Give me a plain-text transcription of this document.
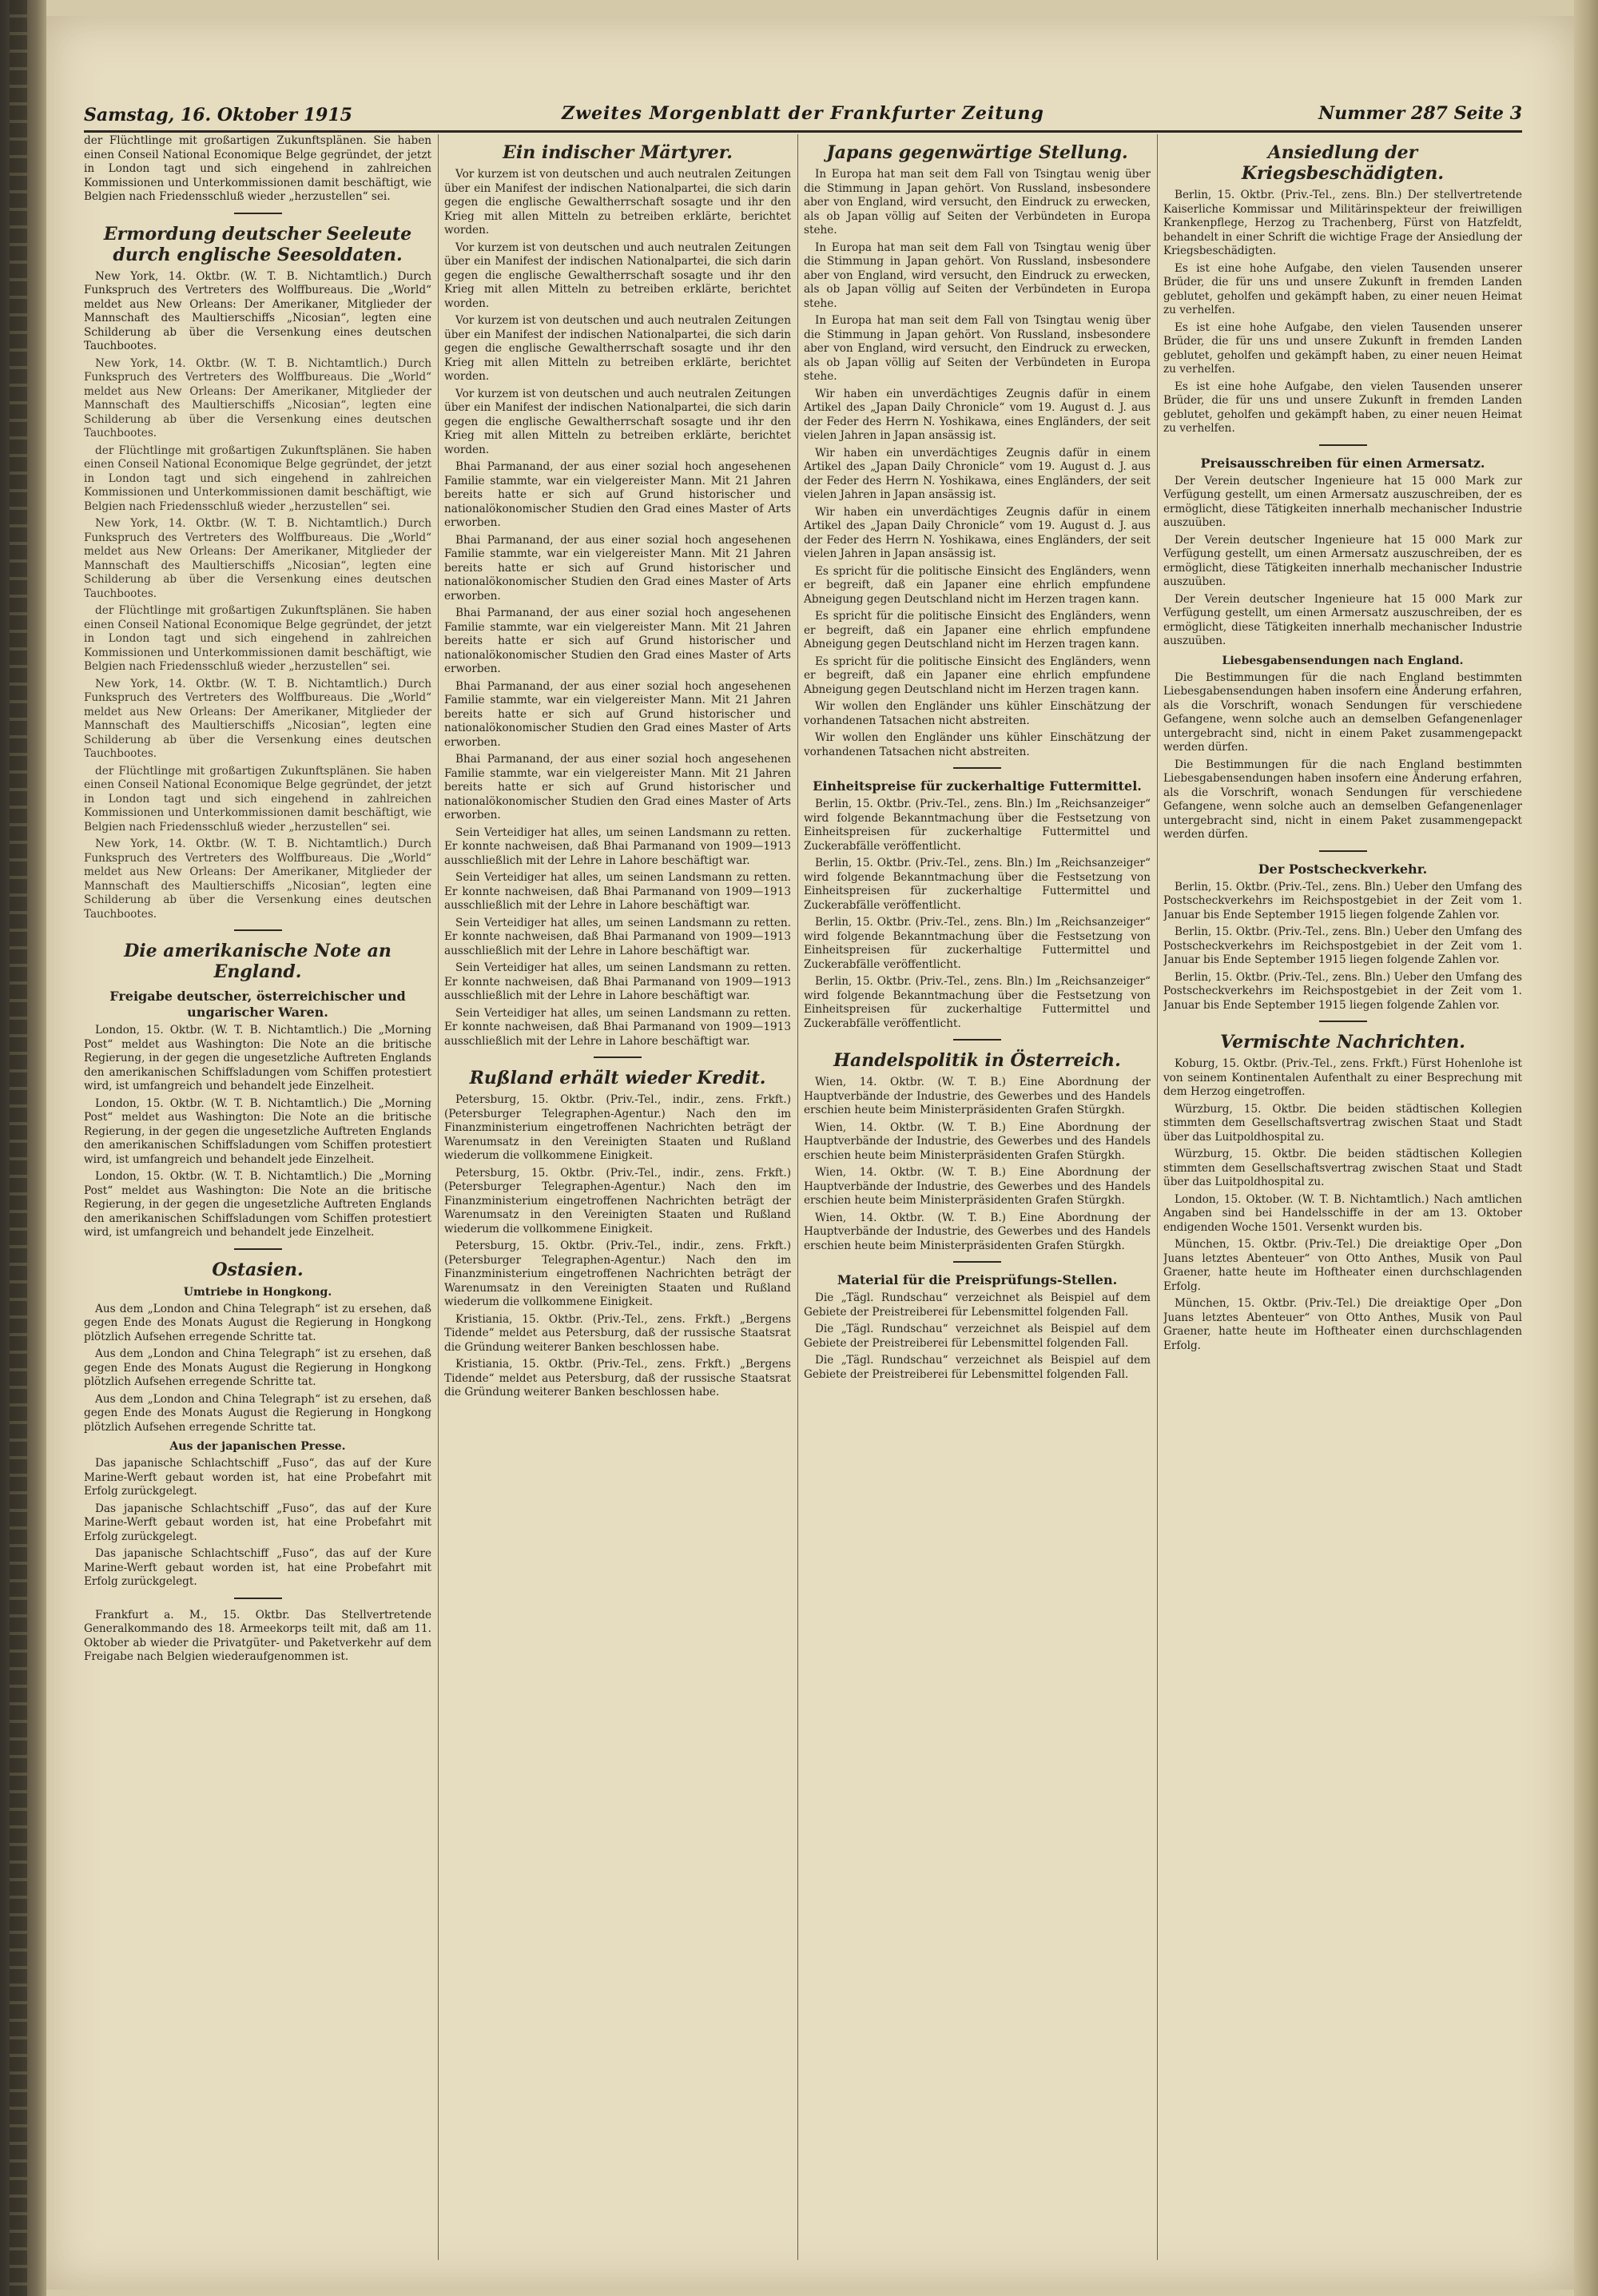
Samstag, 16. Oktober 1915	Zweites Morgenblatt der Frankfurter Zeitung	Nummer 287 Seite 3

der Flüchtlinge mit großartigen Zukunftsplänen. Sie haben einen Conseil National Economique Belge gegründet, der jetzt in London tagt und sich eingehend in zahlreichen Kommissionen und Unterkommissionen damit beschäftigt, wie Belgien nach Friedensschluß wieder „herzustellen“ sei.

Ermordung deutscher Seeleute durch englische Seesoldaten.

New York, 14. Oktbr. (W. T. B. Nichtamtlich.) Durch Funkspruch des Vertreters des Wolffbureaus. Die „World“ meldet aus New Orleans: Der Amerikaner, Mitglieder der Mannschaft des Maultierschiffs „Nicosian“, legten eine Schilderung ab über die Versenkung eines deutschen Tauchbootes.

New York, 14. Oktbr. (W. T. B. Nichtamtlich.) Durch Funkspruch des Vertreters des Wolffbureaus. Die „World“ meldet aus New Orleans: Der Amerikaner, Mitglieder der Mannschaft des Maultierschiffs „Nicosian“, legten eine Schilderung ab über die Versenkung eines deutschen Tauchbootes.

der Flüchtlinge mit großartigen Zukunftsplänen. Sie haben einen Conseil National Economique Belge gegründet, der jetzt in London tagt und sich eingehend in zahlreichen Kommissionen und Unterkommissionen damit beschäftigt, wie Belgien nach Friedensschluß wieder „herzustellen“ sei.

New York, 14. Oktbr. (W. T. B. Nichtamtlich.) Durch Funkspruch des Vertreters des Wolffbureaus. Die „World“ meldet aus New Orleans: Der Amerikaner, Mitglieder der Mannschaft des Maultierschiffs „Nicosian“, legten eine Schilderung ab über die Versenkung eines deutschen Tauchbootes.

der Flüchtlinge mit großartigen Zukunftsplänen. Sie haben einen Conseil National Economique Belge gegründet, der jetzt in London tagt und sich eingehend in zahlreichen Kommissionen und Unterkommissionen damit beschäftigt, wie Belgien nach Friedensschluß wieder „herzustellen“ sei.

New York, 14. Oktbr. (W. T. B. Nichtamtlich.) Durch Funkspruch des Vertreters des Wolffbureaus. Die „World“ meldet aus New Orleans: Der Amerikaner, Mitglieder der Mannschaft des Maultierschiffs „Nicosian“, legten eine Schilderung ab über die Versenkung eines deutschen Tauchbootes.

der Flüchtlinge mit großartigen Zukunftsplänen. Sie haben einen Conseil National Economique Belge gegründet, der jetzt in London tagt und sich eingehend in zahlreichen Kommissionen und Unterkommissionen damit beschäftigt, wie Belgien nach Friedensschluß wieder „herzustellen“ sei.

New York, 14. Oktbr. (W. T. B. Nichtamtlich.) Durch Funkspruch des Vertreters des Wolffbureaus. Die „World“ meldet aus New Orleans: Der Amerikaner, Mitglieder der Mannschaft des Maultierschiffs „Nicosian“, legten eine Schilderung ab über die Versenkung eines deutschen Tauchbootes.

Die amerikanische Note an England.
Freigabe deutscher, österreichischer und ungarischer Waren.

London, 15. Oktbr. (W. T. B. Nichtamtlich.) Die „Morning Post“ meldet aus Washington: Die Note an die britische Regierung, in der gegen die ungesetzliche Auftreten Englands den amerikanischen Schiffsladungen vom Schiffen protestiert wird, ist umfangreich und behandelt jede Einzelheit.

London, 15. Oktbr. (W. T. B. Nichtamtlich.) Die „Morning Post“ meldet aus Washington: Die Note an die britische Regierung, in der gegen die ungesetzliche Auftreten Englands den amerikanischen Schiffsladungen vom Schiffen protestiert wird, ist umfangreich und behandelt jede Einzelheit.

London, 15. Oktbr. (W. T. B. Nichtamtlich.) Die „Morning Post“ meldet aus Washington: Die Note an die britische Regierung, in der gegen die ungesetzliche Auftreten Englands den amerikanischen Schiffsladungen vom Schiffen protestiert wird, ist umfangreich und behandelt jede Einzelheit.

Ostasien.
Umtriebe in Hongkong.

Aus dem „London and China Telegraph“ ist zu ersehen, daß gegen Ende des Monats August die Regierung in Hongkong plötzlich Aufsehen erregende Schritte tat.

Aus dem „London and China Telegraph“ ist zu ersehen, daß gegen Ende des Monats August die Regierung in Hongkong plötzlich Aufsehen erregende Schritte tat.

Aus dem „London and China Telegraph“ ist zu ersehen, daß gegen Ende des Monats August die Regierung in Hongkong plötzlich Aufsehen erregende Schritte tat.

Aus der japanischen Presse.

Das japanische Schlachtschiff „Fuso“, das auf der Kure Marine-Werft gebaut worden ist, hat eine Probefahrt mit Erfolg zurückgelegt.

Das japanische Schlachtschiff „Fuso“, das auf der Kure Marine-Werft gebaut worden ist, hat eine Probefahrt mit Erfolg zurückgelegt.

Das japanische Schlachtschiff „Fuso“, das auf der Kure Marine-Werft gebaut worden ist, hat eine Probefahrt mit Erfolg zurückgelegt.

Frankfurt a. M., 15. Oktbr. Das Stellvertretende Generalkommando des 18. Armeekorps teilt mit, daß am 11. Oktober ab wieder die Privatgüter- und Paketverkehr auf dem Freigabe nach Belgien wiederaufgenommen ist.

Ein indischer Märtyrer.

Vor kurzem ist von deutschen und auch neutralen Zeitungen über ein Manifest der indischen Nationalpartei, die sich darin gegen die englische Gewaltherrschaft sosagte und ihr den Krieg mit allen Mitteln zu betreiben erklärte, berichtet worden.

Vor kurzem ist von deutschen und auch neutralen Zeitungen über ein Manifest der indischen Nationalpartei, die sich darin gegen die englische Gewaltherrschaft sosagte und ihr den Krieg mit allen Mitteln zu betreiben erklärte, berichtet worden.

Vor kurzem ist von deutschen und auch neutralen Zeitungen über ein Manifest der indischen Nationalpartei, die sich darin gegen die englische Gewaltherrschaft sosagte und ihr den Krieg mit allen Mitteln zu betreiben erklärte, berichtet worden.

Vor kurzem ist von deutschen und auch neutralen Zeitungen über ein Manifest der indischen Nationalpartei, die sich darin gegen die englische Gewaltherrschaft sosagte und ihr den Krieg mit allen Mitteln zu betreiben erklärte, berichtet worden.

Bhai Parmanand, der aus einer sozial hoch angesehenen Familie stammte, war ein vielgereister Mann. Mit 21 Jahren bereits hatte er sich auf Grund historischer und nationalökonomischer Studien den Grad eines Master of Arts erworben.

Bhai Parmanand, der aus einer sozial hoch angesehenen Familie stammte, war ein vielgereister Mann. Mit 21 Jahren bereits hatte er sich auf Grund historischer und nationalökonomischer Studien den Grad eines Master of Arts erworben.

Bhai Parmanand, der aus einer sozial hoch angesehenen Familie stammte, war ein vielgereister Mann. Mit 21 Jahren bereits hatte er sich auf Grund historischer und nationalökonomischer Studien den Grad eines Master of Arts erworben.

Bhai Parmanand, der aus einer sozial hoch angesehenen Familie stammte, war ein vielgereister Mann. Mit 21 Jahren bereits hatte er sich auf Grund historischer und nationalökonomischer Studien den Grad eines Master of Arts erworben.

Bhai Parmanand, der aus einer sozial hoch angesehenen Familie stammte, war ein vielgereister Mann. Mit 21 Jahren bereits hatte er sich auf Grund historischer und nationalökonomischer Studien den Grad eines Master of Arts erworben.

Sein Verteidiger hat alles, um seinen Landsmann zu retten. Er konnte nachweisen, daß Bhai Parmanand von 1909—1913 ausschließlich mit der Lehre in Lahore beschäftigt war.

Sein Verteidiger hat alles, um seinen Landsmann zu retten. Er konnte nachweisen, daß Bhai Parmanand von 1909—1913 ausschließlich mit der Lehre in Lahore beschäftigt war.

Sein Verteidiger hat alles, um seinen Landsmann zu retten. Er konnte nachweisen, daß Bhai Parmanand von 1909—1913 ausschließlich mit der Lehre in Lahore beschäftigt war.

Sein Verteidiger hat alles, um seinen Landsmann zu retten. Er konnte nachweisen, daß Bhai Parmanand von 1909—1913 ausschließlich mit der Lehre in Lahore beschäftigt war.

Sein Verteidiger hat alles, um seinen Landsmann zu retten. Er konnte nachweisen, daß Bhai Parmanand von 1909—1913 ausschließlich mit der Lehre in Lahore beschäftigt war.

Rußland erhält wieder Kredit.

Petersburg, 15. Oktbr. (Priv.-Tel., indir., zens. Frkft.) (Petersburger Telegraphen-Agentur.) Nach den im Finanzministerium eingetroffenen Nachrichten beträgt der Warenumsatz in den Vereinigten Staaten und Rußland wiederum die vollkommene Einigkeit.

Petersburg, 15. Oktbr. (Priv.-Tel., indir., zens. Frkft.) (Petersburger Telegraphen-Agentur.) Nach den im Finanzministerium eingetroffenen Nachrichten beträgt der Warenumsatz in den Vereinigten Staaten und Rußland wiederum die vollkommene Einigkeit.

Petersburg, 15. Oktbr. (Priv.-Tel., indir., zens. Frkft.) (Petersburger Telegraphen-Agentur.) Nach den im Finanzministerium eingetroffenen Nachrichten beträgt der Warenumsatz in den Vereinigten Staaten und Rußland wiederum die vollkommene Einigkeit.

Kristiania, 15. Oktbr. (Priv.-Tel., zens. Frkft.) „Bergens Tidende“ meldet aus Petersburg, daß der russische Staatsrat die Gründung weiterer Banken beschlossen habe.

Kristiania, 15. Oktbr. (Priv.-Tel., zens. Frkft.) „Bergens Tidende“ meldet aus Petersburg, daß der russische Staatsrat die Gründung weiterer Banken beschlossen habe.

Japans gegenwärtige Stellung.

In Europa hat man seit dem Fall von Tsingtau wenig über die Stimmung in Japan gehört. Von Russland, insbesondere aber von England, wird versucht, den Eindruck zu erwecken, als ob Japan völlig auf Seiten der Verbündeten in Europa stehe.

In Europa hat man seit dem Fall von Tsingtau wenig über die Stimmung in Japan gehört. Von Russland, insbesondere aber von England, wird versucht, den Eindruck zu erwecken, als ob Japan völlig auf Seiten der Verbündeten in Europa stehe.

In Europa hat man seit dem Fall von Tsingtau wenig über die Stimmung in Japan gehört. Von Russland, insbesondere aber von England, wird versucht, den Eindruck zu erwecken, als ob Japan völlig auf Seiten der Verbündeten in Europa stehe.

Wir haben ein unverdächtiges Zeugnis dafür in einem Artikel des „Japan Daily Chronicle“ vom 19. August d. J. aus der Feder des Herrn N. Yoshikawa, eines Engländers, der seit vielen Jahren in Japan ansässig ist.

Wir haben ein unverdächtiges Zeugnis dafür in einem Artikel des „Japan Daily Chronicle“ vom 19. August d. J. aus der Feder des Herrn N. Yoshikawa, eines Engländers, der seit vielen Jahren in Japan ansässig ist.

Wir haben ein unverdächtiges Zeugnis dafür in einem Artikel des „Japan Daily Chronicle“ vom 19. August d. J. aus der Feder des Herrn N. Yoshikawa, eines Engländers, der seit vielen Jahren in Japan ansässig ist.

Es spricht für die politische Einsicht des Engländers, wenn er begreift, daß ein Japaner eine ehrlich empfundene Abneigung gegen Deutschland nicht im Herzen tragen kann.

Es spricht für die politische Einsicht des Engländers, wenn er begreift, daß ein Japaner eine ehrlich empfundene Abneigung gegen Deutschland nicht im Herzen tragen kann.

Es spricht für die politische Einsicht des Engländers, wenn er begreift, daß ein Japaner eine ehrlich empfundene Abneigung gegen Deutschland nicht im Herzen tragen kann.

Wir wollen den Engländer uns kühler Einschätzung der vorhandenen Tatsachen nicht abstreiten.

Wir wollen den Engländer uns kühler Einschätzung der vorhandenen Tatsachen nicht abstreiten.

Einheitspreise für zuckerhaltige Futtermittel.

Berlin, 15. Oktbr. (Priv.-Tel., zens. Bln.) Im „Reichsanzeiger“ wird folgende Bekanntmachung über die Festsetzung von Einheitspreisen für zuckerhaltige Futtermittel und Zuckerabfälle veröffentlicht.

Berlin, 15. Oktbr. (Priv.-Tel., zens. Bln.) Im „Reichsanzeiger“ wird folgende Bekanntmachung über die Festsetzung von Einheitspreisen für zuckerhaltige Futtermittel und Zuckerabfälle veröffentlicht.

Berlin, 15. Oktbr. (Priv.-Tel., zens. Bln.) Im „Reichsanzeiger“ wird folgende Bekanntmachung über die Festsetzung von Einheitspreisen für zuckerhaltige Futtermittel und Zuckerabfälle veröffentlicht.

Berlin, 15. Oktbr. (Priv.-Tel., zens. Bln.) Im „Reichsanzeiger“ wird folgende Bekanntmachung über die Festsetzung von Einheitspreisen für zuckerhaltige Futtermittel und Zuckerabfälle veröffentlicht.

Handelspolitik in Österreich.

Wien, 14. Oktbr. (W. T. B.) Eine Abordnung der Hauptverbände der Industrie, des Gewerbes und des Handels erschien heute beim Ministerpräsidenten Grafen Stürgkh.

Wien, 14. Oktbr. (W. T. B.) Eine Abordnung der Hauptverbände der Industrie, des Gewerbes und des Handels erschien heute beim Ministerpräsidenten Grafen Stürgkh.

Wien, 14. Oktbr. (W. T. B.) Eine Abordnung der Hauptverbände der Industrie, des Gewerbes und des Handels erschien heute beim Ministerpräsidenten Grafen Stürgkh.

Wien, 14. Oktbr. (W. T. B.) Eine Abordnung der Hauptverbände der Industrie, des Gewerbes und des Handels erschien heute beim Ministerpräsidenten Grafen Stürgkh.

Material für die Preisprüfungs-Stellen.

Die „Tägl. Rundschau“ verzeichnet als Beispiel auf dem Gebiete der Preistreiberei für Lebensmittel folgenden Fall.

Die „Tägl. Rundschau“ verzeichnet als Beispiel auf dem Gebiete der Preistreiberei für Lebensmittel folgenden Fall.

Die „Tägl. Rundschau“ verzeichnet als Beispiel auf dem Gebiete der Preistreiberei für Lebensmittel folgenden Fall.

Ansiedlung der Kriegsbeschädigten.

Berlin, 15. Oktbr. (Priv.-Tel., zens. Bln.) Der stellvertretende Kaiserliche Kommissar und Militärinspekteur der freiwilligen Krankenpflege, Herzog zu Trachenberg, Fürst von Hatzfeldt, behandelt in einer Schrift die wichtige Frage der Ansiedlung der Kriegsbeschädigten.

Es ist eine hohe Aufgabe, den vielen Tausenden unserer Brüder, die für uns und unsere Zukunft in fremden Landen geblutet, geholfen und gekämpft haben, zu einer neuen Heimat zu verhelfen.

Es ist eine hohe Aufgabe, den vielen Tausenden unserer Brüder, die für uns und unsere Zukunft in fremden Landen geblutet, geholfen und gekämpft haben, zu einer neuen Heimat zu verhelfen.

Es ist eine hohe Aufgabe, den vielen Tausenden unserer Brüder, die für uns und unsere Zukunft in fremden Landen geblutet, geholfen und gekämpft haben, zu einer neuen Heimat zu verhelfen.

Preisausschreiben für einen Armersatz.

Der Verein deutscher Ingenieure hat 15 000 Mark zur Verfügung gestellt, um einen Armersatz auszuschreiben, der es ermöglicht, diese Tätigkeiten innerhalb mechanischer Industrie auszuüben.

Der Verein deutscher Ingenieure hat 15 000 Mark zur Verfügung gestellt, um einen Armersatz auszuschreiben, der es ermöglicht, diese Tätigkeiten innerhalb mechanischer Industrie auszuüben.

Der Verein deutscher Ingenieure hat 15 000 Mark zur Verfügung gestellt, um einen Armersatz auszuschreiben, der es ermöglicht, diese Tätigkeiten innerhalb mechanischer Industrie auszuüben.

Liebesgabensendungen nach England.

Die Bestimmungen für die nach England bestimmten Liebesgabensendungen haben insofern eine Änderung erfahren, als die Vorschrift, wonach Sendungen für verschiedene Gefangene, wenn solche auch an demselben Gefangenenlager untergebracht sind, nicht in einem Paket zusammengepackt werden dürfen.

Die Bestimmungen für die nach England bestimmten Liebesgabensendungen haben insofern eine Änderung erfahren, als die Vorschrift, wonach Sendungen für verschiedene Gefangene, wenn solche auch an demselben Gefangenenlager untergebracht sind, nicht in einem Paket zusammengepackt werden dürfen.

Der Postscheckverkehr.

Berlin, 15. Oktbr. (Priv.-Tel., zens. Bln.) Ueber den Umfang des Postscheckverkehrs im Reichspostgebiet in der Zeit vom 1. Januar bis Ende September 1915 liegen folgende Zahlen vor.

Berlin, 15. Oktbr. (Priv.-Tel., zens. Bln.) Ueber den Umfang des Postscheckverkehrs im Reichspostgebiet in der Zeit vom 1. Januar bis Ende September 1915 liegen folgende Zahlen vor.

Berlin, 15. Oktbr. (Priv.-Tel., zens. Bln.) Ueber den Umfang des Postscheckverkehrs im Reichspostgebiet in der Zeit vom 1. Januar bis Ende September 1915 liegen folgende Zahlen vor.

Vermischte Nachrichten.

Koburg, 15. Oktbr. (Priv.-Tel., zens. Frkft.) Fürst Hohenlohe ist von seinem Kontinentalen Aufenthalt zu einer Besprechung mit dem Herzog eingetroffen.

Würzburg, 15. Oktbr. Die beiden städtischen Kollegien stimmten dem Gesellschaftsvertrag zwischen Staat und Stadt über das Luitpoldhospital zu.

Würzburg, 15. Oktbr. Die beiden städtischen Kollegien stimmten dem Gesellschaftsvertrag zwischen Staat und Stadt über das Luitpoldhospital zu.

London, 15. Oktober. (W. T. B. Nichtamtlich.) Nach amtlichen Angaben sind bei Handelsschiffe in der am 13. Oktober endigenden Woche 1501. Versenkt wurden bis.

München, 15. Oktbr. (Priv.-Tel.) Die dreiaktige Oper „Don Juans letztes Abenteuer“ von Otto Anthes, Musik von Paul Graener, hatte heute im Hoftheater einen durchschlagenden Erfolg.

München, 15. Oktbr. (Priv.-Tel.) Die dreiaktige Oper „Don Juans letztes Abenteuer“ von Otto Anthes, Musik von Paul Graener, hatte heute im Hoftheater einen durchschlagenden Erfolg.
